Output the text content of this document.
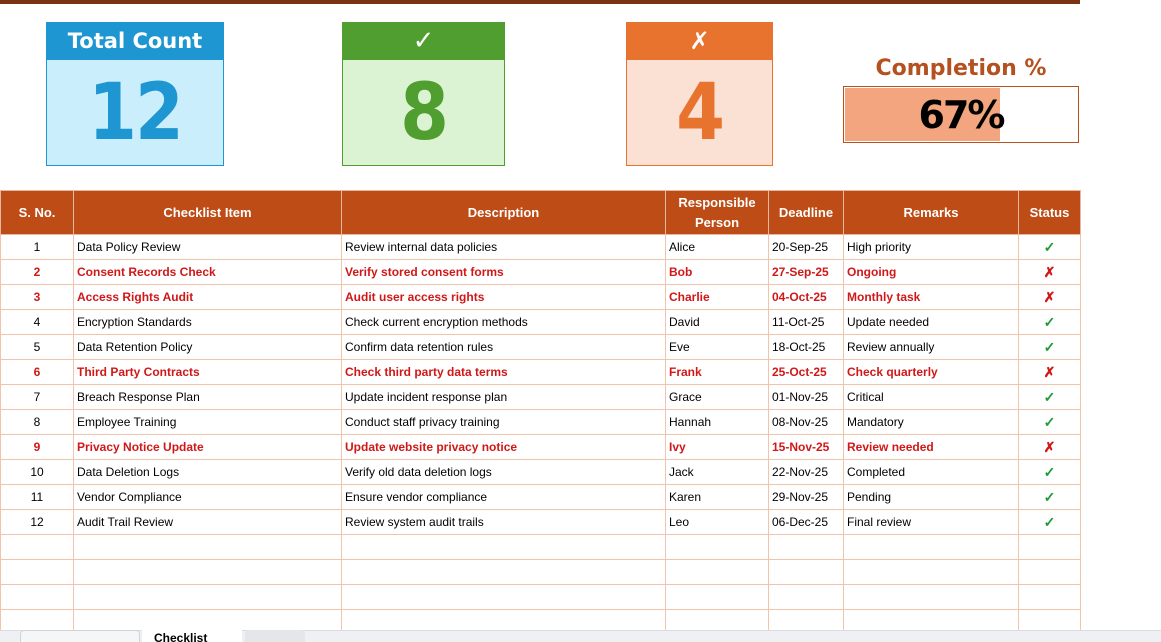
Total Count
12
✓
8
✗
4	Completion %
67%
S. No.	Checklist Item	Description	Responsible Person	Deadline	Remarks	Status
1	Data Policy Review	Review internal data policies	Alice	20-Sep-25	High priority	✓
2	Consent Records Check	Verify stored consent forms	Bob	27-Sep-25	Ongoing	✗
3	Access Rights Audit	Audit user access rights	Charlie	04-Oct-25	Monthly task	✗
4	Encryption Standards	Check current encryption methods	David	11-Oct-25	Update needed	✓
5	Data Retention Policy	Confirm data retention rules	Eve	18-Oct-25	Review annually	✓
6	Third Party Contracts	Check third party data terms	Frank	25-Oct-25	Check quarterly	✗
7	Breach Response Plan	Update incident response plan	Grace	01-Nov-25	Critical	✓
8	Employee Training	Conduct staff privacy training	Hannah	08-Nov-25	Mandatory	✓
9	Privacy Notice Update	Update website privacy notice	Ivy	15-Nov-25	Review needed	✗
10	Data Deletion Logs	Verify old data deletion logs	Jack	22-Nov-25	Completed	✓
11	Vendor Compliance	Ensure vendor compliance	Karen	29-Nov-25	Pending	✓
12	Audit Trail Review	Review system audit trails	Leo	06-Dec-25	Final review	✓

Checklist
